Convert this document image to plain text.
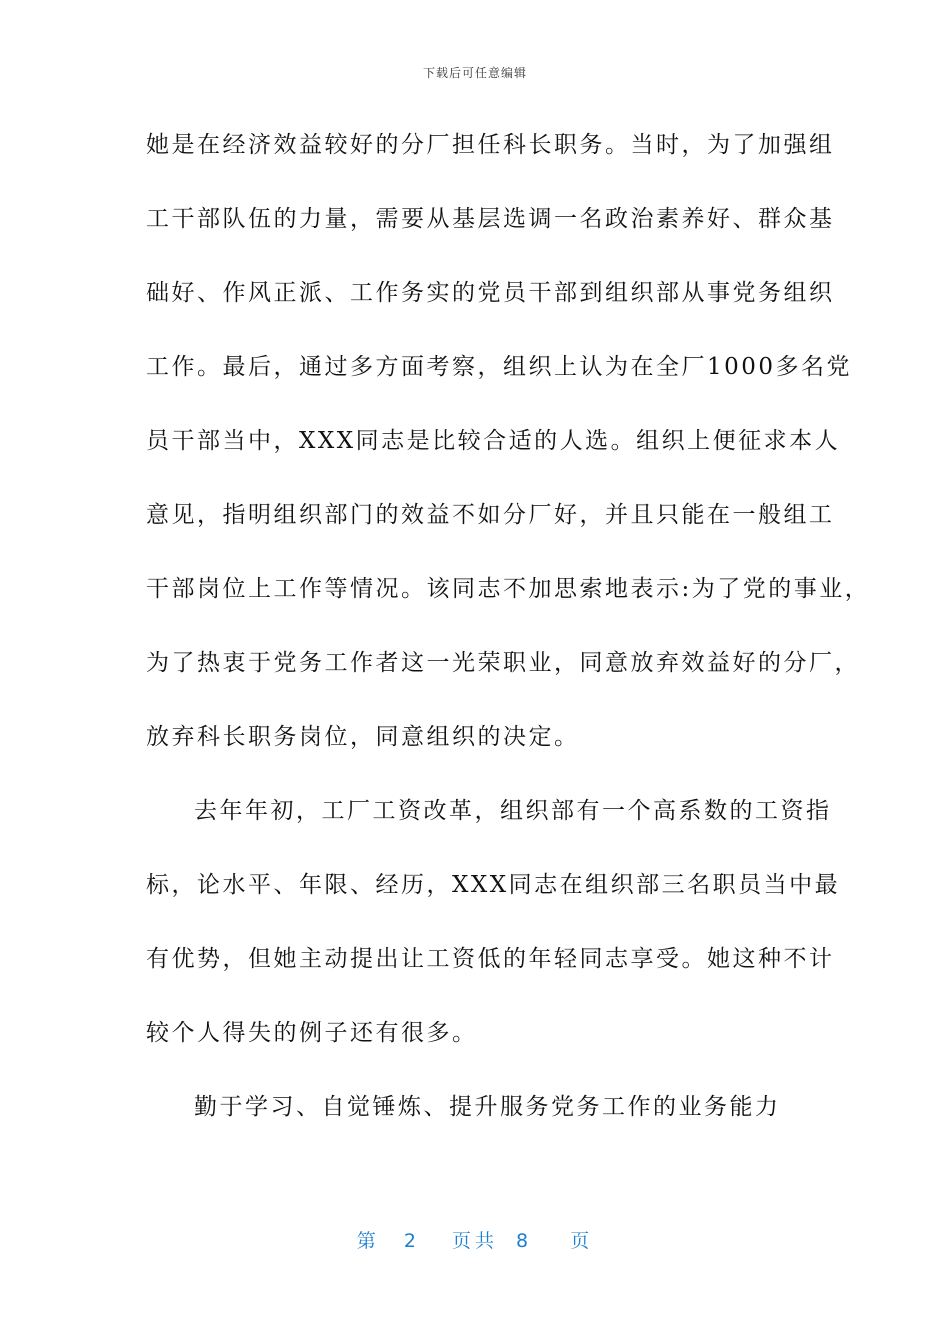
下载后可任意编辑
她是在经济效益较好的分厂担任科长职务。当时，为了加强组
工干部队伍的力量，需要从基层选调一名政治素养好、群众基
础好、作风正派、工作务实的党员干部到组织部从事党务组织
工作。最后，通过多方面考察，组织上认为在全厂1000多名党
员干部当中，XXX同志是比较合适的人选。组织上便征求本人
意见，指明组织部门的效益不如分厂好，并且只能在一般组工
干部岗位上工作等情况。该同志不加思索地表示:为了党的事业，
为了热衷于党务工作者这一光荣职业，同意放弃效益好的分厂，
放弃科长职务岗位，同意组织的决定。
去年年初，工厂工资改革，组织部有一个高系数的工资指
标，论水平、年限、经历，XXX同志在组织部三名职员当中最
有优势，但她主动提出让工资低的年轻同志享受。她这种不计
较个人得失的例子还有很多。
勤于学习、自觉锤炼、提升服务党务工作的业务能力
第 2 页共 8 页
